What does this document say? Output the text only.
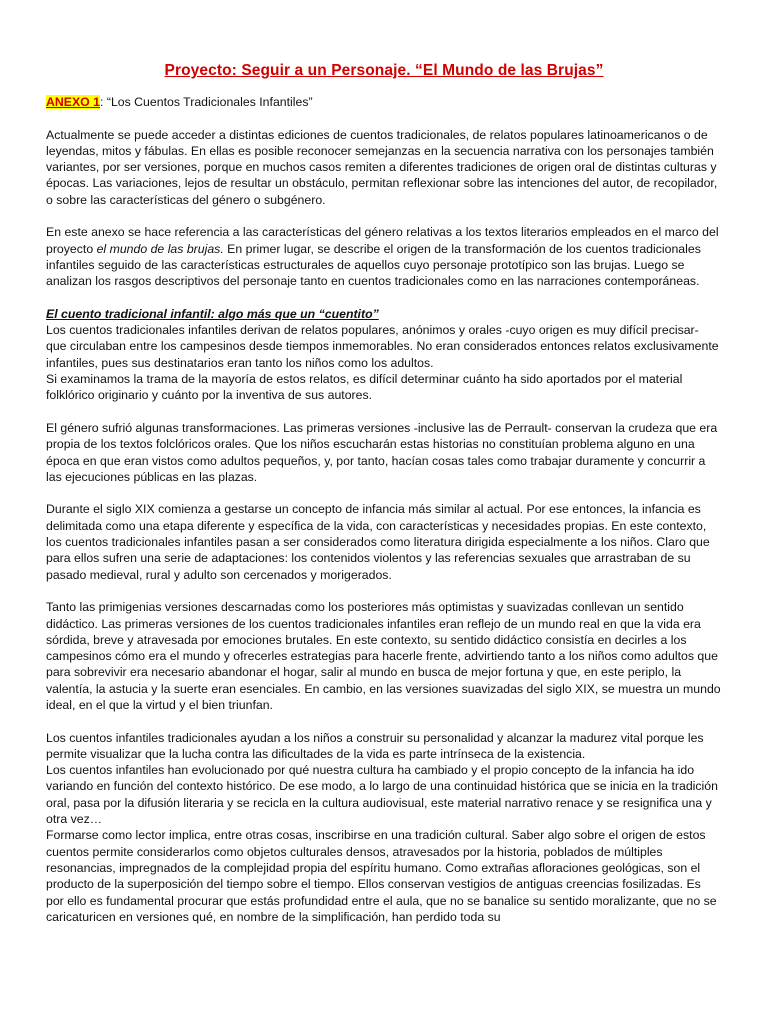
Proyecto: Seguir a un Personaje. “El Mundo de las Brujas”

ANEXO 1: “Los Cuentos Tradicionales Infantiles”

Actualmente se puede acceder a distintas ediciones de cuentos tradicionales, de relatos populares latinoamericanos o de leyendas, mitos y fábulas. En ellas es posible reconocer semejanzas en la secuencia narrativa con los personajes también variantes, por ser versiones, porque en muchos casos remiten a diferentes tradiciones de origen oral de distintas culturas y épocas. Las variaciones, lejos de resultar un obstáculo, permitan reflexionar sobre las intenciones del autor, de recopilador, o sobre las características del género o subgénero.

En este anexo se hace referencia a las características del género relativas a los textos literarios empleados en el marco del proyecto el mundo de las brujas. En primer lugar, se describe el origen de la transformación de los cuentos tradicionales infantiles seguido de las características estructurales de aquellos cuyo personaje prototípico son las brujas. Luego se analizan los rasgos descriptivos del personaje tanto en cuentos tradicionales como en las narraciones contemporáneas.

El cuento tradicional infantil: algo más que un “cuentito”

Los cuentos tradicionales infantiles derivan de relatos populares, anónimos y orales -cuyo origen es muy difícil precisar- que circulaban entre los campesinos desde tiempos inmemorables. No eran considerados entonces relatos exclusivamente infantiles, pues sus destinatarios eran tanto los niños como los adultos.

Si examinamos la trama de la mayoría de estos relatos, es difícil determinar cuánto ha sido aportados por el material folklórico originario y cuánto por la inventiva de sus autores.

El género sufrió algunas transformaciones. Las primeras versiones -inclusive las de Perrault- conservan la crudeza que era propia de los textos folclóricos orales. Que los niños escucharán estas historias no constituían problema alguno en una época en que eran vistos como adultos pequeños, y, por tanto, hacían cosas tales como trabajar duramente y concurrir a las ejecuciones públicas en las plazas.

Durante el siglo XIX comienza a gestarse un concepto de infancia más similar al actual. Por ese entonces, la infancia es delimitada como una etapa diferente y específica de la vida, con características y necesidades propias. En este contexto, los cuentos tradicionales infantiles pasan a ser considerados como literatura dirigida especialmente a los niños. Claro que para ellos sufren una serie de adaptaciones: los contenidos violentos y las referencias sexuales que arrastraban de su pasado medieval, rural y adulto son cercenados y morigerados.

Tanto las primigenias versiones descarnadas como los posteriores más optimistas y suavizadas conllevan un sentido didáctico. Las primeras versiones de los cuentos tradicionales infantiles eran reflejo de un mundo real en que la vida era sórdida, breve y atravesada por emociones brutales. En este contexto, su sentido didáctico consistía en decirles a los campesinos cómo era el mundo y ofrecerles estrategias para hacerle frente, advirtiendo tanto a los niños como adultos que para sobrevivir era necesario abandonar el hogar, salir al mundo en busca de mejor fortuna y que, en este periplo, la valentía, la astucia y la suerte eran esenciales. En cambio, en las versiones suavizadas del siglo XIX, se muestra un mundo ideal, en el que la virtud y el bien triunfan.

Los cuentos infantiles tradicionales ayudan a los niños a construir su personalidad y alcanzar la madurez vital porque les permite visualizar que la lucha contra las dificultades de la vida es parte intrínseca de la existencia.

Los cuentos infantiles han evolucionado por qué nuestra cultura ha cambiado y el propio concepto de la infancia ha ido variando en función del contexto histórico. De ese modo, a lo largo de una continuidad histórica que se inicia en la tradición oral, pasa por la difusión literaria y se recicla en la cultura audiovisual, este material narrativo renace y se resignifica una y otra vez…

Formarse como lector implica, entre otras cosas, inscribirse en una tradición cultural. Saber algo sobre el origen de estos cuentos permite considerarlos como objetos culturales densos, atravesados por la historia, poblados de múltiples resonancias, impregnados de la complejidad propia del espíritu humano. Como extrañas afloraciones geológicas, son el producto de la superposición del tiempo sobre el tiempo. Ellos conservan vestigios de antiguas creencias fosilizadas. Es por ello es fundamental procurar que estás profundidad entre el aula, que no se banalice su sentido moralizante, que no se caricaturicen en versiones qué, en nombre de la simplificación, han perdido toda su
